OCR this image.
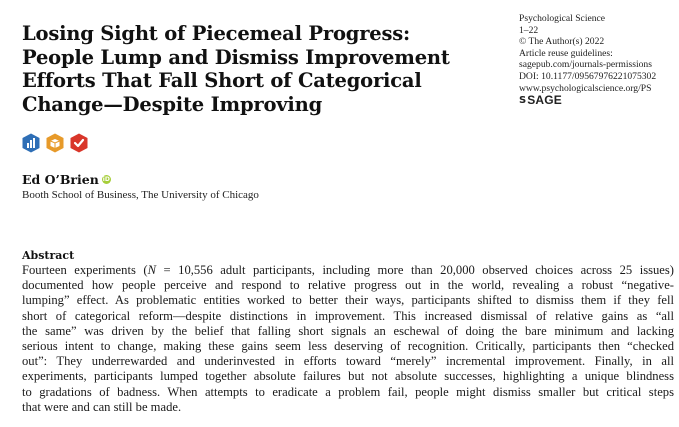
Losing Sight of Piecemeal Progress:
People Lump and Dismiss Improvement
Efforts That Fall Short of Categorical
Change—Despite Improving
Psychological Science
1–22
© The Author(s) 2022
Article reuse guidelines:
sagepub.com/journals-permissions
DOI: 10.1177/09567976221075302
www.psychologicalscience.org/PS
S SAGE

Ed O’Brien iD

Booth School of Business, The University of Chicago

Abstract
Fourteen experiments (N = 10,556 adult participants, including more than 20,000 observed choices across 25 issues)
documented how people perceive and respond to relative progress out in the world, revealing a robust “negative-
lumping” effect. As problematic entities worked to better their ways, participants shifted to dismiss them if they fell
short of categorical reform—despite distinctions in improvement. This increased dismissal of relative gains as “all
the same” was driven by the belief that falling short signals an eschewal of doing the bare minimum and lacking
serious intent to change, making these gains seem less deserving of recognition. Critically, participants then “checked
out”: They underrewarded and underinvested in efforts toward “merely” incremental improvement. Finally, in all
experiments, participants lumped together absolute failures but not absolute successes, highlighting a unique blindness
to gradations of badness. When attempts to eradicate a problem fail, people might dismiss smaller but critical steps
that were and can still be made.
